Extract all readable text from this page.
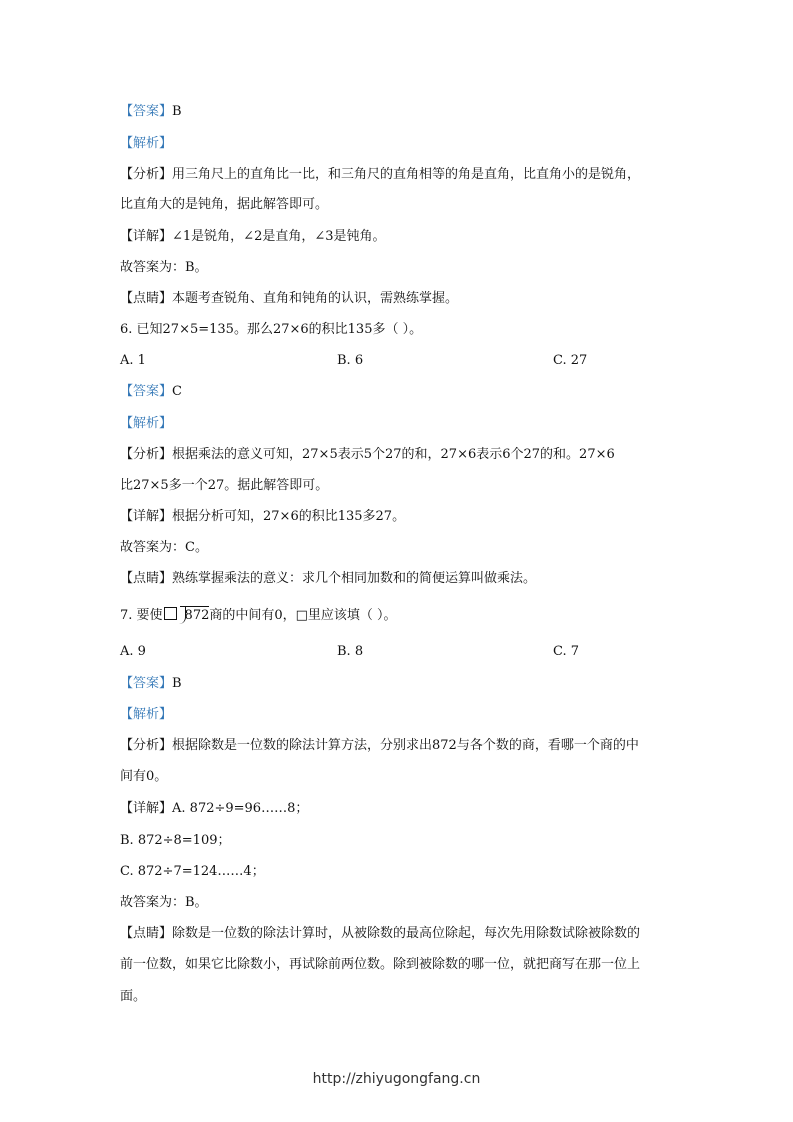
【答案】B
【解析】
【分析】用三角尺上的直角比一比，和三角尺的直角相等的角是直角，比直角小的是锐角，
比直角大的是钝角，据此解答即可。
【详解】∠1是锐角，∠2是直角，∠3是钝角。
故答案为：B。
【点睛】本题考查锐角、直角和钝角的认识，需熟练掌握。
6. 已知27×5=135。那么27×6的积比135多（ ）。
A. 1	B. 6	C. 27
【答案】C
【解析】
【分析】根据乘法的意义可知，27×5表示5个27的和，27×6表示6个27的和。27×6
比27×5多一个27。据此解答即可。
【详解】根据分析可知，27×6的积比135多27。
故答案为：C。
【点睛】熟练掌握乘法的意义：求几个相同加数和的简便运算叫做乘法。
7. 要使 872商的中间有0，□里应该填（ ）。
A. 9	B. 8	C. 7
【答案】B
【解析】
【分析】根据除数是一位数的除法计算方法，分别求出872与各个数的商，看哪一个商的中
间有0。
【详解】A. 872÷9=96……8；
B. 872÷8=109；
C. 872÷7=124……4；
故答案为：B。
【点睛】除数是一位数的除法计算时，从被除数的最高位除起，每次先用除数试除被除数的
前一位数，如果它比除数小，再试除前两位数。除到被除数的哪一位，就把商写在那一位上
面。
http://zhiyugongfang.cn
